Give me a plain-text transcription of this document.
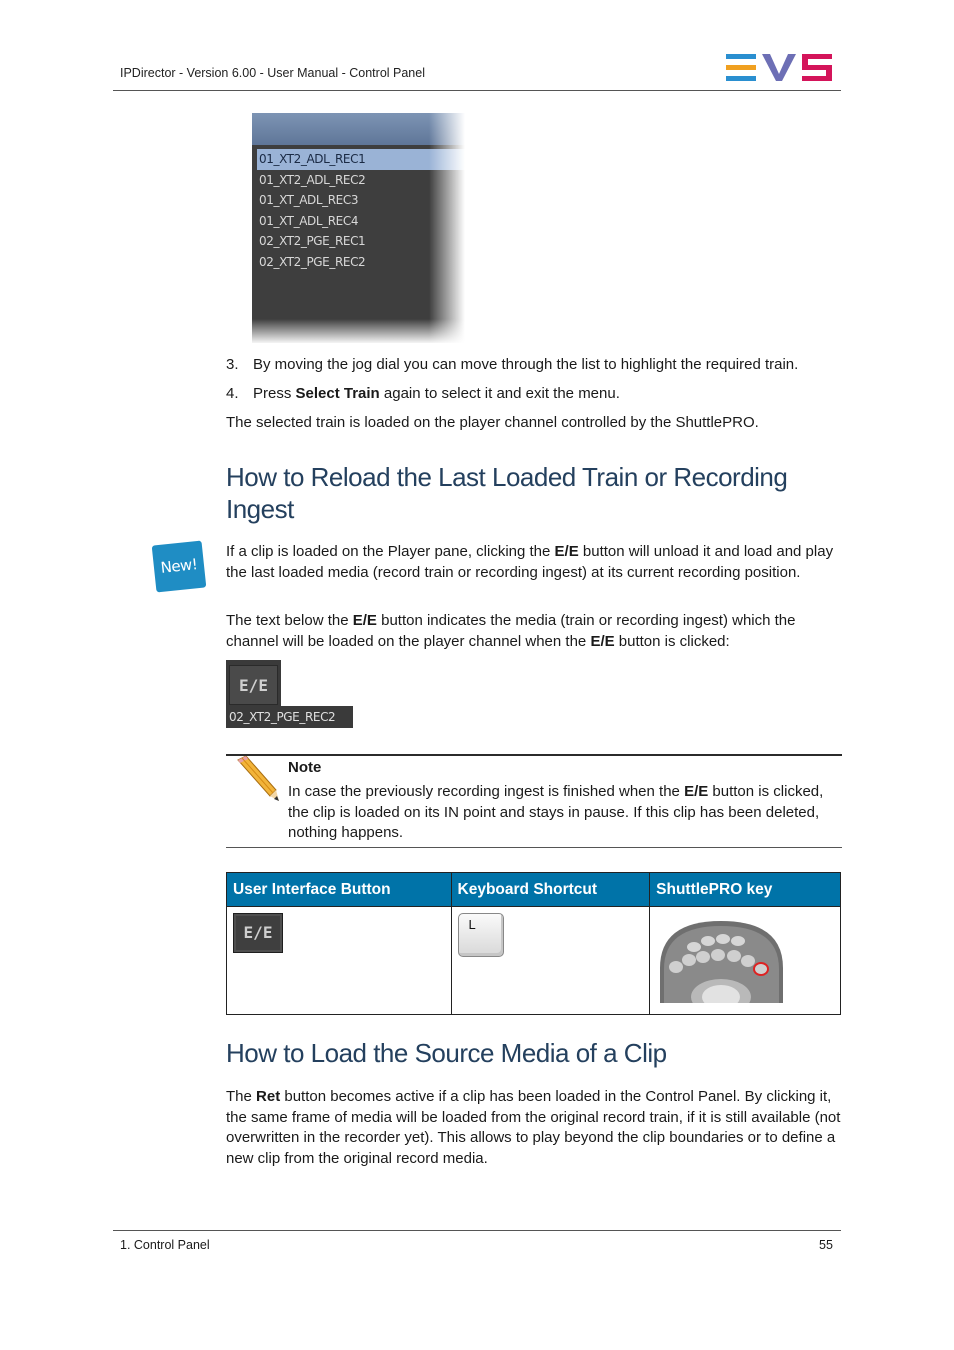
IPDirector - Version 6.00 - User Manual - Control Panel
01_XT2_ADL_REC1
01_XT2_ADL_REC2
01_XT_ADL_REC3
01_XT_ADL_REC4
02_XT2_PGE_REC1
02_XT2_PGE_REC2
3. By moving the jog dial you can move through the list to highlight the required train.
4. Press Select Train again to select it and exit the menu.
The selected train is loaded on the player channel controlled by the ShuttlePRO.
How to Reload the Last Loaded Train or Recording Ingest
New!
If a clip is loaded on the Player pane, clicking the E/E button will unload it and load and play the last loaded media (record train or recording ingest) at its current recording position.
The text below the E/E button indicates the media (train or recording ingest) which the channel will be loaded on the player channel when the E/E button is clicked:
E/E
02_XT2_PGE_REC2
Note
In case the previously recording ingest is finished when the E/E button is clicked, the clip is loaded on its IN point and stays in pause. If this clip has been deleted, nothing happens.
User Interface Button	Keyboard Shortcut	ShuttlePRO key

E/E	L

How to Load the Source Media of a Clip
The Ret button becomes active if a clip has been loaded in the Control Panel. By clicking it, the same frame of media will be loaded from the original record train, if it is still available (not overwritten in the recorder yet). This allows to play beyond the clip boundaries or to define a new clip from the original record media.
1. Control Panel	55
